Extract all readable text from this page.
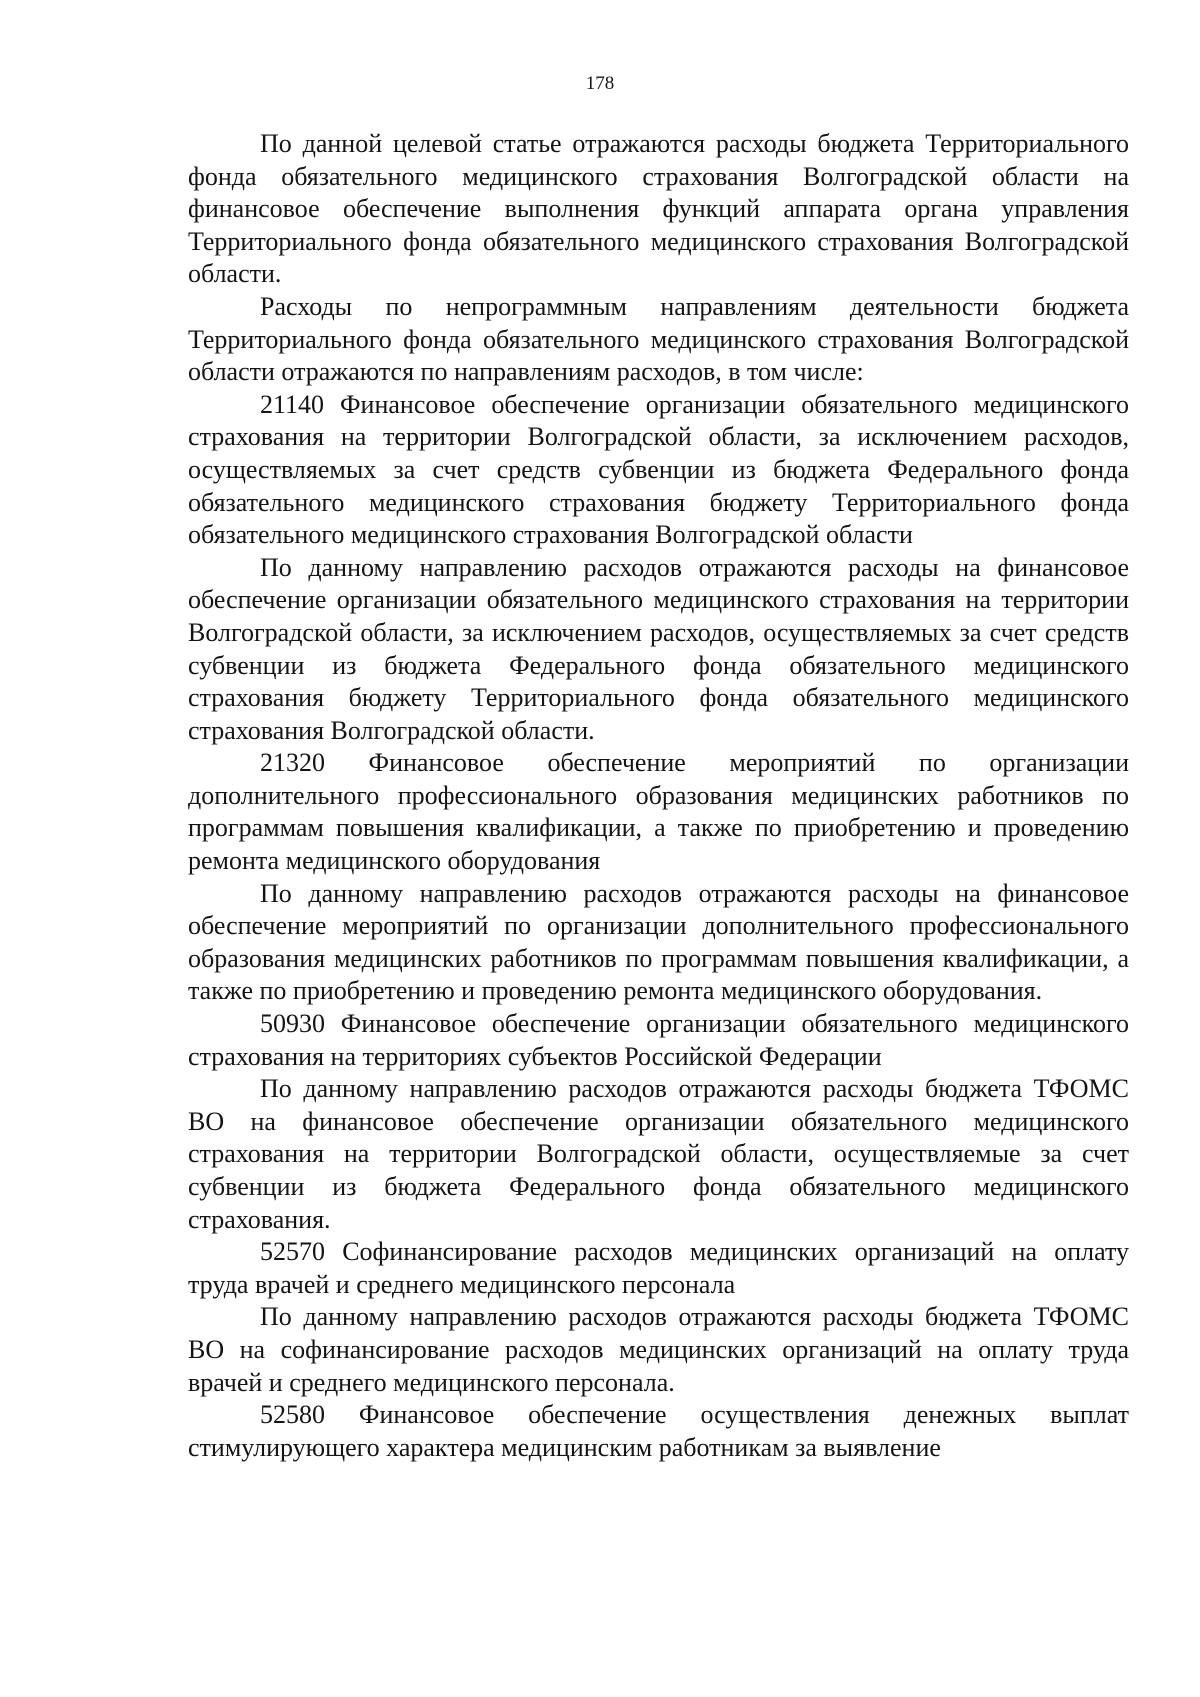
178

По данной целевой статье отражаются расходы бюджета Территориального фонда обязательного медицинского страхования Волгоградской области на финансовое обеспечение выполнения функций аппарата органа управления Территориального фонда обязательного медицинского страхования Волгоградской области.

Расходы по непрограммным направлениям деятельности бюджета Территориального фонда обязательного медицинского страхования Волгоградской области отражаются по направлениям расходов, в том числе:

21140 Финансовое обеспечение организации обязательного медицинского страхования на территории Волгоградской области, за исключением расходов, осуществляемых за счет средств субвенции из бюджета Федерального фонда обязательного медицинского страхования бюджету Территориального фонда обязательного медицинского страхования Волгоградской области

По данному направлению расходов отражаются расходы на финансовое обеспечение организации обязательного медицинского страхования на территории Волгоградской области, за исключением расходов, осуществляемых за счет средств субвенции из бюджета Федерального фонда обязательного медицинского страхования бюджету Территориального фонда обязательного медицинского страхования Волгоградской области.

21320 Финансовое обеспечение мероприятий по организации дополнительного профессионального образования медицинских работников по программам повышения квалификации, а также по приобретению и проведению ремонта медицинского оборудования

По данному направлению расходов отражаются расходы на финансовое обеспечение мероприятий по организации дополнительного профессионального образования медицинских работников по программам повышения квалификации, а также по приобретению и проведению ремонта медицинского оборудования.

50930 Финансовое обеспечение организации обязательного медицинского страхования на территориях субъектов Российской Федерации

По данному направлению расходов отражаются расходы бюджета ТФОМС ВО на финансовое обеспечение организации обязательного медицинского страхования на территории Волгоградской области, осуществляемые за счет субвенции из бюджета Федерального фонда обязательного медицинского страхования.

52570 Софинансирование расходов медицинских организаций на оплату труда врачей и среднего медицинского персонала

По данному направлению расходов отражаются расходы бюджета ТФОМС ВО на софинансирование расходов медицинских организаций на оплату труда врачей и среднего медицинского персонала.

52580 Финансовое обеспечение осуществления денежных выплат стимулирующего характера медицинским работникам за выявление
